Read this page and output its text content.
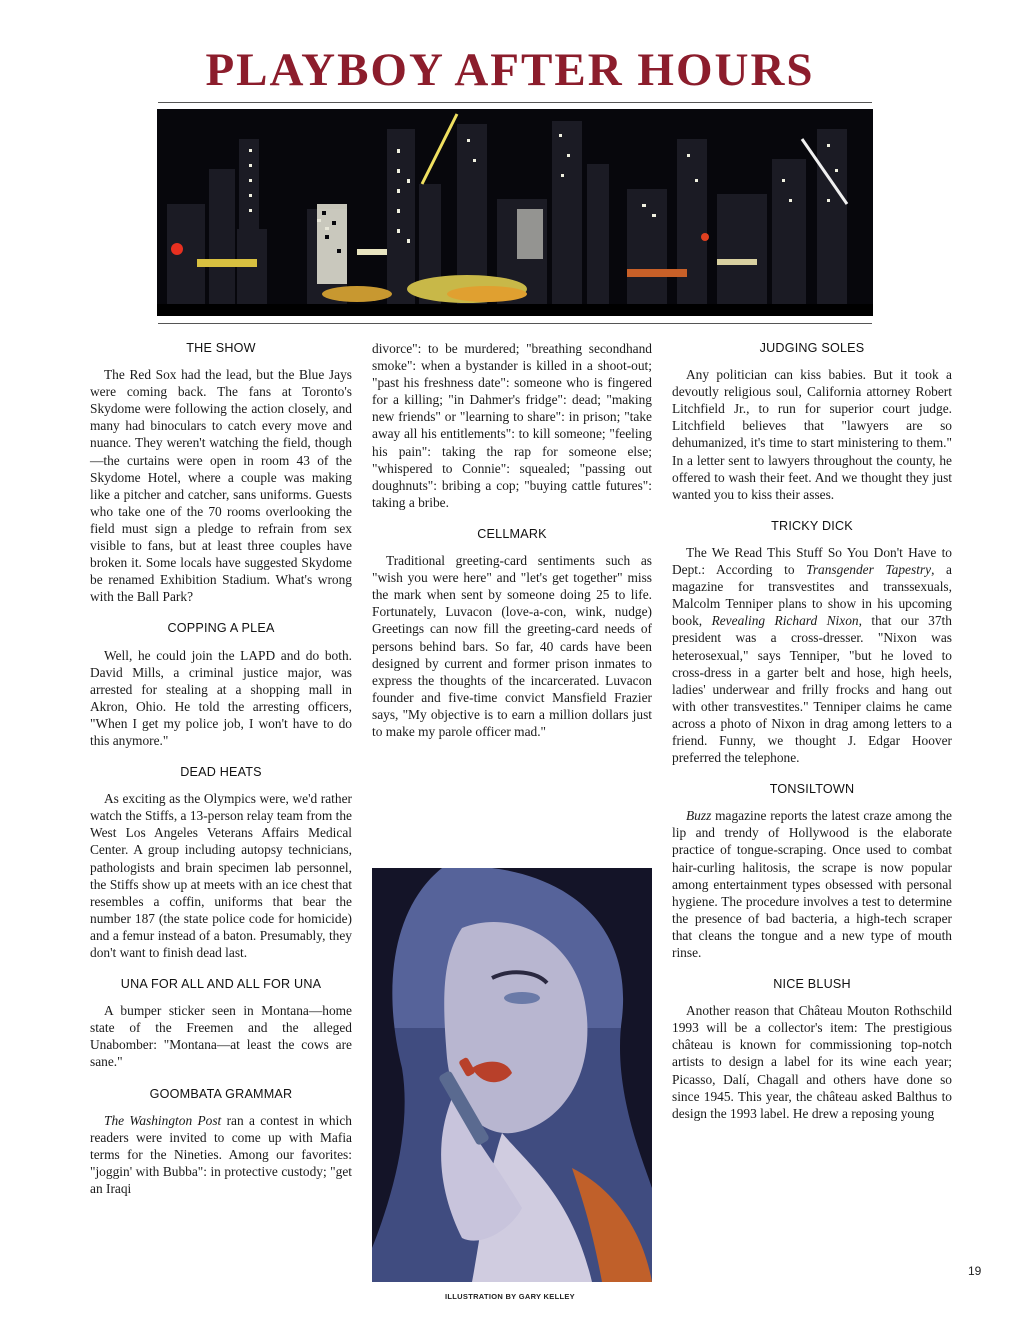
PLAYBOY AFTER HOURS
THE SHOW

The Red Sox had the lead, but the Blue Jays were coming back. The fans at Toronto's Skydome were following the action closely, and many had binoculars to catch every move and nuance. They weren't watching the field, though—the curtains were open in room 43 of the Skydome Hotel, where a couple was making like a pitcher and catcher, sans uniforms. Guests who take one of the 70 rooms overlooking the field must sign a pledge to refrain from sex visible to fans, but at least three couples have broken it. Some locals have suggested Skydome be renamed Exhibition Stadium. What's wrong with the Ball Park?

COPPING A PLEA

Well, he could join the LAPD and do both. David Mills, a criminal justice major, was arrested for stealing at a shopping mall in Akron, Ohio. He told the arresting officers, "When I get my police job, I won't have to do this anymore."

DEAD HEATS

As exciting as the Olympics were, we'd rather watch the Stiffs, a 13-person relay team from the West Los Angeles Veterans Affairs Medical Center. A group including autopsy technicians, pathologists and brain specimen lab personnel, the Stiffs show up at meets with an ice chest that resembles a coffin, uniforms that bear the number 187 (the state police code for homicide) and a femur instead of a baton. Presumably, they don't want to finish dead last.

UNA FOR ALL AND ALL FOR UNA

A bumper sticker seen in Montana—home state of the Freemen and the alleged Unabomber: "Montana—at least the cows are sane."

GOOMBATA GRAMMAR

The Washington Post ran a contest in which readers were invited to come up with Mafia terms for the Nineties. Among our favorites: "joggin' with Bubba": in protective custody; "get an Iraqi

divorce": to be murdered; "breathing secondhand smoke": when a bystander is killed in a shoot-out; "past his freshness date": someone who is fingered for a killing; "in Dahmer's fridge": dead; "making new friends" or "learning to share": in prison; "take away all his entitlements": to kill someone; "feeling his pain": taking the rap for someone else; "whispered to Connie": squealed; "passing out doughnuts": bribing a cop; "buying cattle futures": taking a bribe.

CELLMARK

Traditional greeting-card sentiments such as "wish you were here" and "let's get together" miss the mark when sent by someone doing 25 to life. Fortunately, Luvacon (love-a-con, wink, nudge) Greetings can now fill the greeting-card needs of persons behind bars. So far, 40 cards have been designed by current and former prison inmates to express the thoughts of the incarcerated. Luvacon founder and five-time convict Mansfield Frazier says, "My objective is to earn a million dollars just to make my parole officer mad."

JUDGING SOLES

Any politician can kiss babies. But it took a devoutly religious soul, California attorney Robert Litchfield Jr., to run for superior court judge. Litchfield believes that "lawyers are so dehumanized, it's time to start ministering to them." In a letter sent to lawyers throughout the county, he offered to wash their feet. And we thought they just wanted you to kiss their asses.

TRICKY DICK

The We Read This Stuff So You Don't Have to Dept.: According to Transgender Tapestry, a magazine for transvestites and transsexuals, Malcolm Tenniper plans to show in his upcoming book, Revealing Richard Nixon, that our 37th president was a cross-dresser. "Nixon was heterosexual," says Tenniper, "but he loved to cross-dress in a garter belt and hose, high heels, ladies' underwear and frilly frocks and hang out with other transvestites." Tenniper claims he came across a photo of Nixon in drag among letters to a friend. Funny, we thought J. Edgar Hoover preferred the telephone.

TONSILTOWN

Buzz magazine reports the latest craze among the lip and trendy of Hollywood is the elaborate practice of tongue-scraping. Once used to combat hair-curling halitosis, the scrape is now popular among entertainment types obsessed with personal hygiene. The procedure involves a test to determine the presence of bad bacteria, a high-tech scraper that cleans the tongue and a new type of mouth rinse.

NICE BLUSH

Another reason that Château Mouton Rothschild 1993 will be a collector's item: The prestigious château is known for commissioning top-notch artists to design a label for its wine each year; Picasso, Dalí, Chagall and others have done so since 1945. This year, the château asked Balthus to design the 1993 label. He drew a reposing young

19
ILLUSTRATION BY GARY KELLEY
